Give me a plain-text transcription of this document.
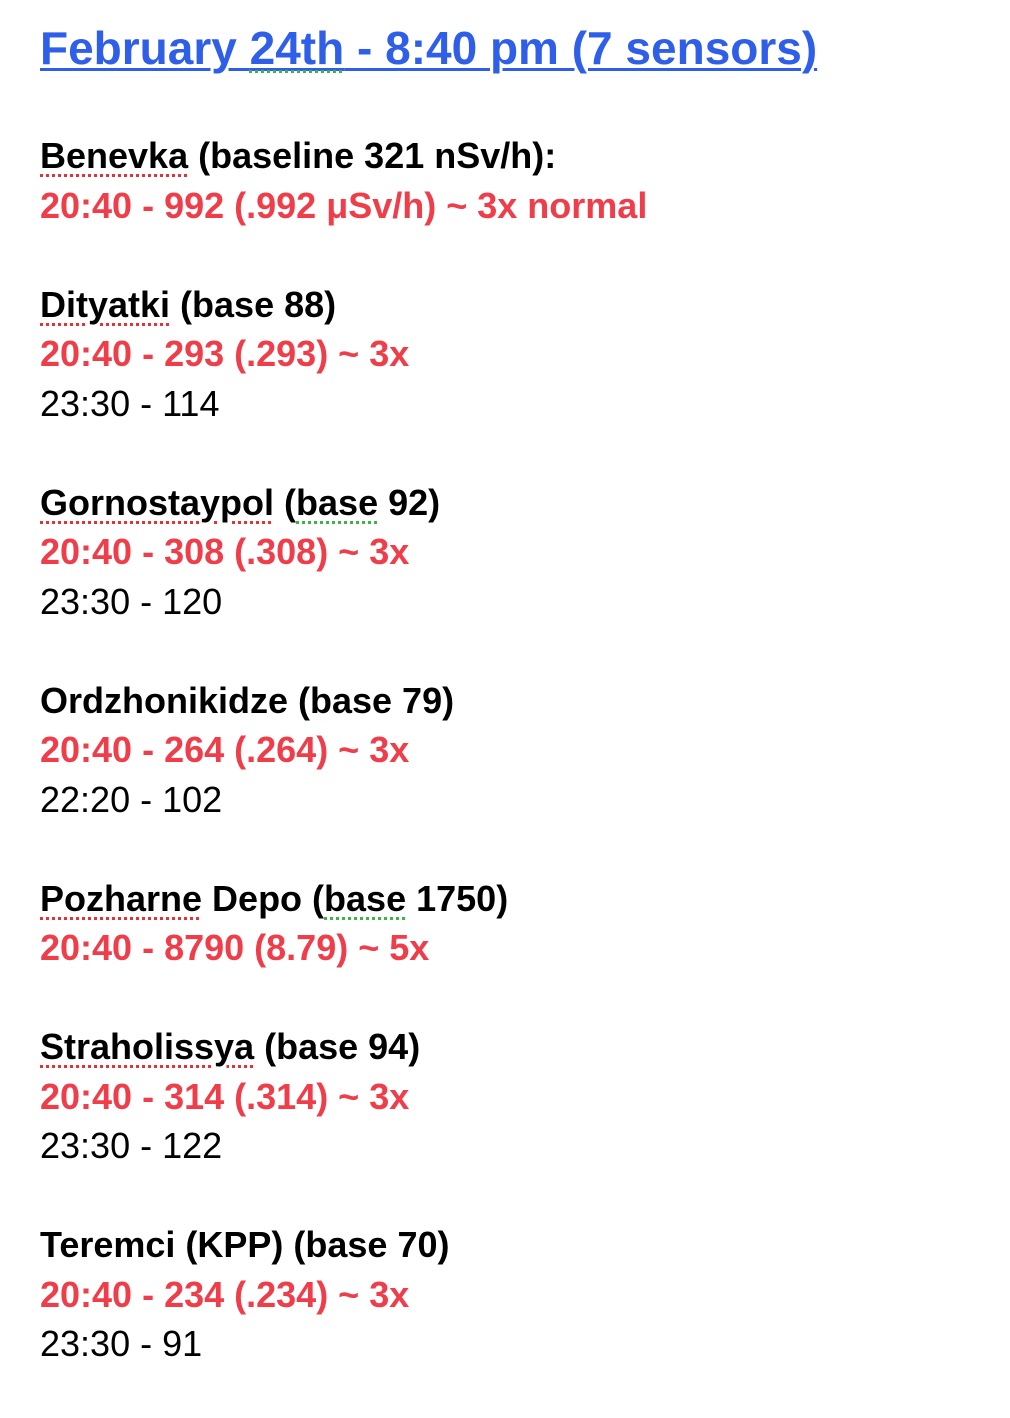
February 24th - 8:40 pm (7 sensors)
Benevka (baseline 321 nSv/h):
20:40 - 992 (.992 μSv/h) ~ 3x normal
Dityatki (base 88)
20:40 - 293 (.293) ~ 3x
23:30 - 114
Gornostaypol (base 92)
20:40 - 308 (.308) ~ 3x
23:30 - 120
Ordzhonikidze (base 79)
20:40 - 264 (.264) ~ 3x
22:20 - 102
Pozharne Depo (base 1750)
20:40 - 8790 (8.79) ~ 5x
Straholissya (base 94)
20:40 - 314 (.314) ~ 3x
23:30 - 122
Teremci (KPP) (base 70)
20:40 - 234 (.234) ~ 3x
23:30 - 91
